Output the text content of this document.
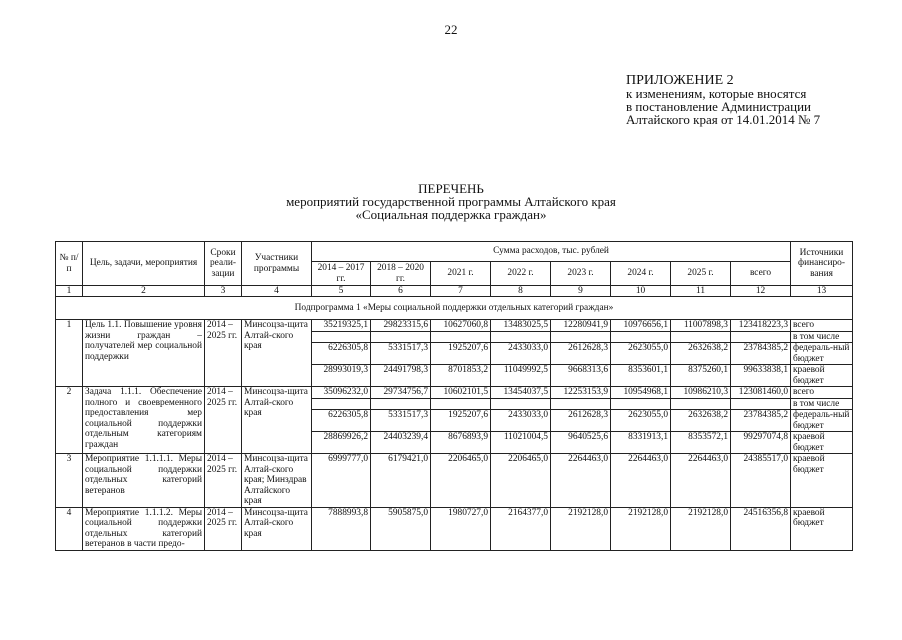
22
ПРИЛОЖЕНИЕ 2
к изменениям, которые вносятся
в постановление Администрации
Алтайского края от 14.01.2014 № 7
ПЕРЕЧЕНЬ
мероприятий государственной программы Алтайского края
«Социальная поддержка граждан»
№ п/п	Цель, задачи, мероприятия	Сроки реали-зации	Участники программы	Сумма расходов, тыс. рублей								Источники финансиро-вания
				2014 – 2017 гг.	2018 – 2020 гг.	2021 г.	2022 г.	2023 г.	2024 г.	2025 г.	всего	
1	2	3	4	5	6	7	8	9	10	11	12	13
Подпрограмма 1 «Меры социальной поддержки отдельных категорий граждан»												
1	Цель 1.1. Повышение уровня жизни граждан – получателей мер социальной поддержки	2014 – 2025 гг.	Минсоцза-щита Алтай-ского края	35219325,1	29823315,6	10627060,8	13483025,5	12280941,9	10976656,1	11007898,3	123418223,3	всего
												в том числе
				6226305,8	5331517,3	1925207,6	2433033,0	2612628,3	2623055,0	2632638,2	23784385,2	федераль-ный бюджет
				28993019,3	24491798,3	8701853,2	11049992,5	9668313,6	8353601,1	8375260,1	99633838,1	краевой бюджет
2	Задача 1.1.1. Обеспечение полного и своевременного предоставления мер социальной поддержки отдельным категориям граждан	2014 – 2025 гг.	Минсоцза-щита Алтай-ского края	35096232,0	29734756,7	10602101,5	13454037,5	12253153,9	10954968,1	10986210,3	123081460,0	всего
												в том числе
				6226305,8	5331517,3	1925207,6	2433033,0	2612628,3	2623055,0	2632638,2	23784385,2	федераль-ный бюджет
				28869926,2	24403239,4	8676893,9	11021004,5	9640525,6	8331913,1	8353572,1	99297074,8	краевой бюджет
3	Мероприятие 1.1.1.1. Меры социальной поддержки отдельных категорий ветеранов	2014 – 2025 гг.	Минсоцза-щита Алтай-ского края; Минздрав Алтайского края	6999777,0	6179421,0	2206465,0	2206465,0	2264463,0	2264463,0	2264463,0	24385517,0	краевой бюджет
4	Мероприятие 1.1.1.2. Меры социальной поддержки отдельных категорий ветеранов в части предо-	2014 – 2025 гг.	Минсоцза-щита Алтай-ского края	7888993,8	5905875,0	1980727,0	2164377,0	2192128,0	2192128,0	2192128,0	24516356,8	краевой бюджет
